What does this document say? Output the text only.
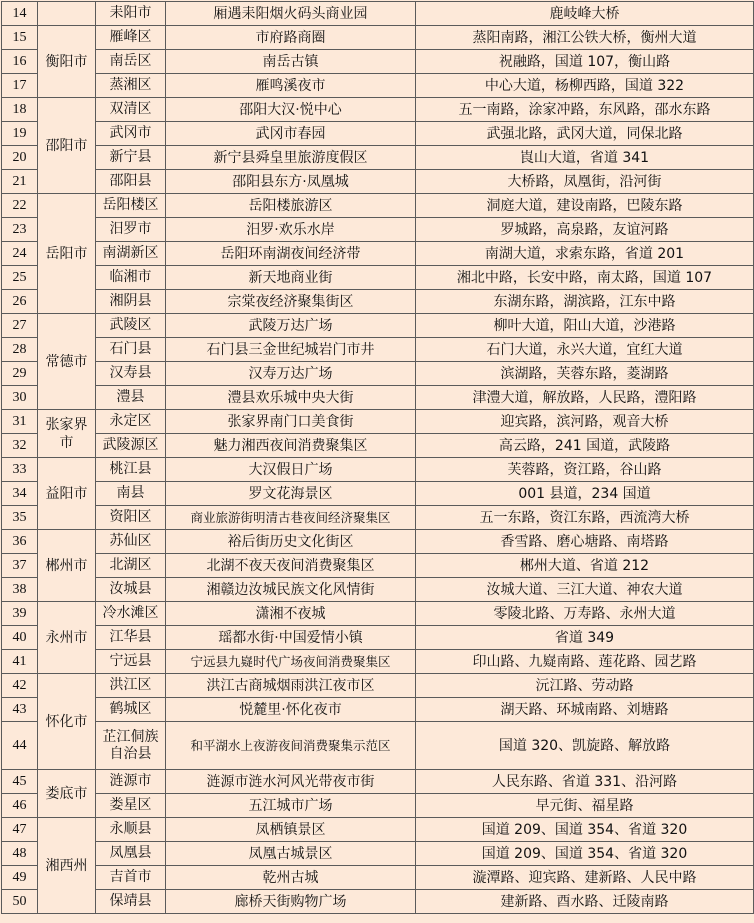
14		耒阳市	厢遇耒阳烟火码头商业园	鹿岐峰大桥
15	衡阳市	雁峰区	市府路商圈	蒸阳南路，湘江公铁大桥，衡州大道
16		南岳区	南岳古镇	祝融路，国道 107，衡山路
17		蒸湘区	雁鸣溪夜市	中心大道，杨柳西路，国道 322
18	邵阳市	双清区	邵阳大汉·悦中心	五一南路，涂家冲路，东风路，邵水东路
19		武冈市	武冈市春园	武强北路，武冈大道，同保北路
20		新宁县	新宁县舜皇里旅游度假区	崀山大道，省道 341
21		邵阳县	邵阳县东方·凤凰城	大桥路，凤凰街，沿河街
22	岳阳市	岳阳楼区	岳阳楼旅游区	洞庭大道，建设南路，巴陵东路
23		汨罗市	汨罗·欢乐水岸	罗城路，高泉路，友谊河路
24		南湖新区	岳阳环南湖夜间经济带	南湖大道，求索东路，省道 201
25		临湘市	新天地商业街	湘北中路，长安中路，南太路，国道 107
26		湘阴县	宗棠夜经济聚集街区	东湖东路，湖滨路，江东中路
27	常德市	武陵区	武陵万达广场	柳叶大道，阳山大道，沙港路
28		石门县	石门县三金世纪城岩门市井	石门大道，永兴大道，宜红大道
29		汉寿县	汉寿万达广场	滨湖路，芙蓉东路，菱湖路
30		澧县	澧县欢乐城中央大街	津澧大道，解放路，人民路，澧阳路
31	张家界市	永定区	张家界南门口美食街	迎宾路，滨河路，观音大桥
32		武陵源区	魅力湘西夜间消费聚集区	高云路，241 国道，武陵路
33	益阳市	桃江县	大汉假日广场	芙蓉路，资江路，谷山路
34		南县	罗文花海景区	001 县道，234 国道
35		资阳区	商业旅游街明清古巷夜间经济聚集区	五一东路，资江东路，西流湾大桥
36	郴州市	苏仙区	裕后街历史文化街区	香雪路、磨心塘路、南塔路
37		北湖区	北湖不夜天夜间消费聚集区	郴州大道、省道 212
38		汝城县	湘赣边汝城民族文化风情街	汝城大道、三江大道、神农大道
39	永州市	冷水滩区	潇湘不夜城	零陵北路、万寿路、永州大道
40		江华县	瑶都水街·中国爱情小镇	省道 349
41		宁远县	宁远县九嶷时代广场夜间消费聚集区	印山路、九嶷南路、莲花路、园艺路
42	怀化市	洪江区	洪江古商城烟雨洪江夜市区	沅江路、劳动路
43		鹤城区	悦麓里·怀化夜市	湖天路、环城南路、刘塘路
44		芷江侗族自治县	和平湖水上夜游夜间消费聚集示范区	国道 320、凯旋路、解放路
45	娄底市	涟源市	涟源市涟水河风光带夜市街	人民东路、省道 331、沿河路
46		娄星区	五江城市广场	早元街、福星路
47	湘西州	永顺县	凤栖镇景区	国道 209、国道 354、省道 320
48		凤凰县	凤凰古城景区	国道 209、国道 354、省道 320
49		吉首市	乾州古城	漩潭路、迎宾路、建新路、人民中路
50		保靖县	廊桥天街购物广场	建新路、酉水路、迁陵南路
